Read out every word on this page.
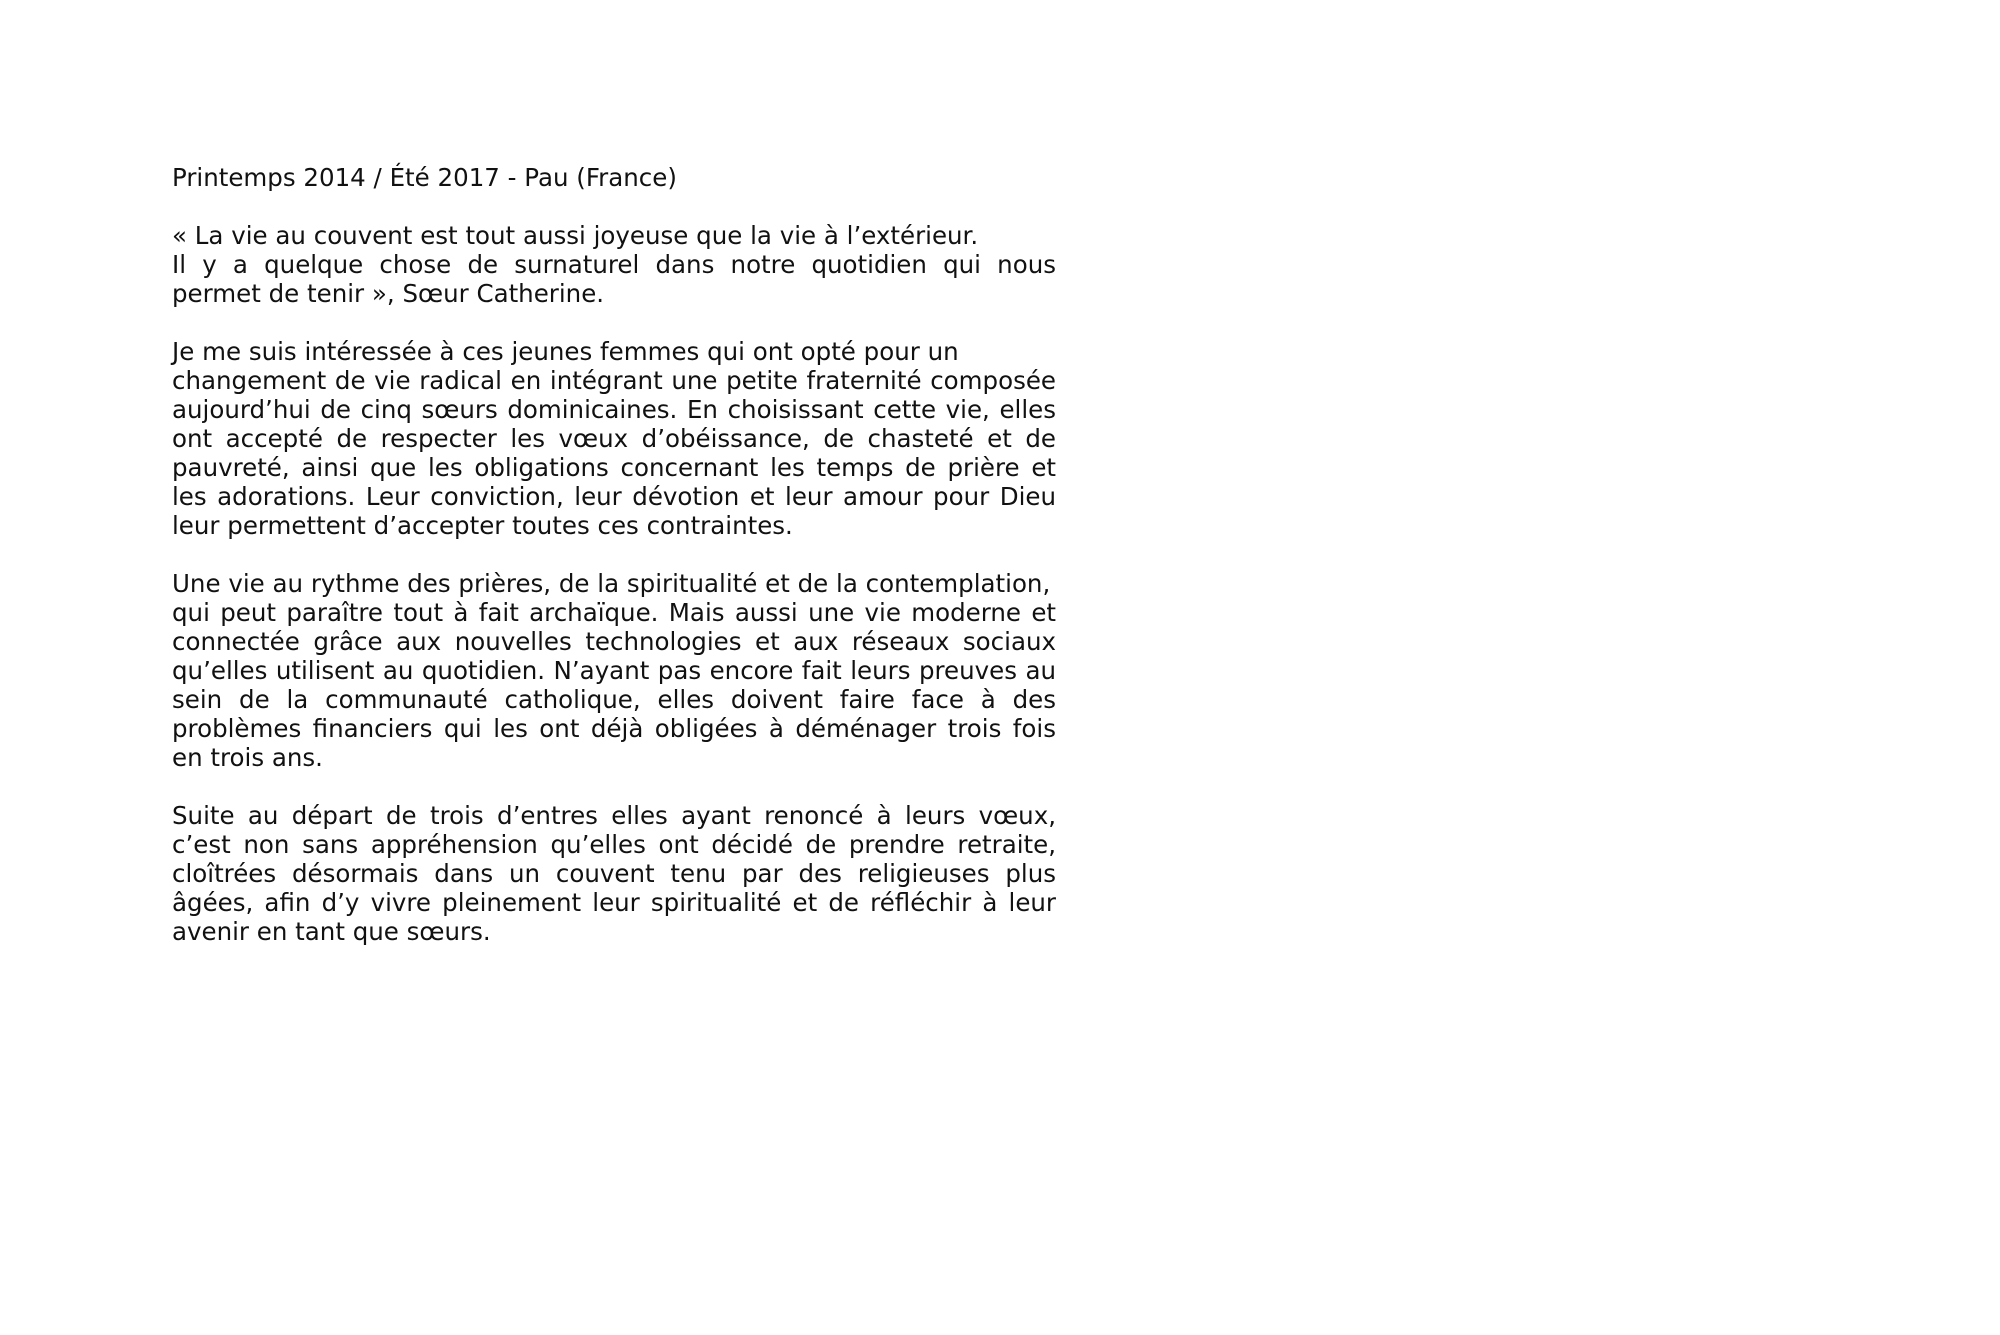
Printemps 2014 / Été 2017 - Pau (France)
« La vie au couvent est tout aussi joyeuse que la vie à l’extérieur.
Il y a quelque chose de surnaturel dans notre quotidien qui nous permet de tenir », Sœur Catherine.
Je me suis intéressée à ces jeunes femmes qui ont opté pour un
changement de vie radical en intégrant une petite fraternité composée aujourd’hui de cinq sœurs dominicaines. En choisissant cette vie, elles ont accepté de respecter les vœux d’obéissance, de chasteté et de pauvreté, ainsi que les obligations concernant les temps de prière et les adorations. Leur conviction, leur dévotion et leur amour pour Dieu leur permettent d’accepter toutes ces contraintes.
Une vie au rythme des prières, de la spiritualité et de la contemplation,
qui peut paraître tout à fait archaïque. Mais aussi une vie moderne et connectée grâce aux nouvelles technologies et aux réseaux sociaux qu’elles utilisent au quotidien. N’ayant pas encore fait leurs preuves au sein de la communauté catholique, elles doivent faire face à des problèmes financiers qui les ont déjà obligées à déménager trois fois en trois ans.
Suite au départ de trois d’entres elles ayant renoncé à leurs vœux, c’est non sans appréhension qu’elles ont décidé de prendre retraite, cloîtrées désormais dans un couvent tenu par des religieuses plus âgées, afin d’y vivre pleinement leur spiritualité et de réfléchir à leur avenir en tant que sœurs.
